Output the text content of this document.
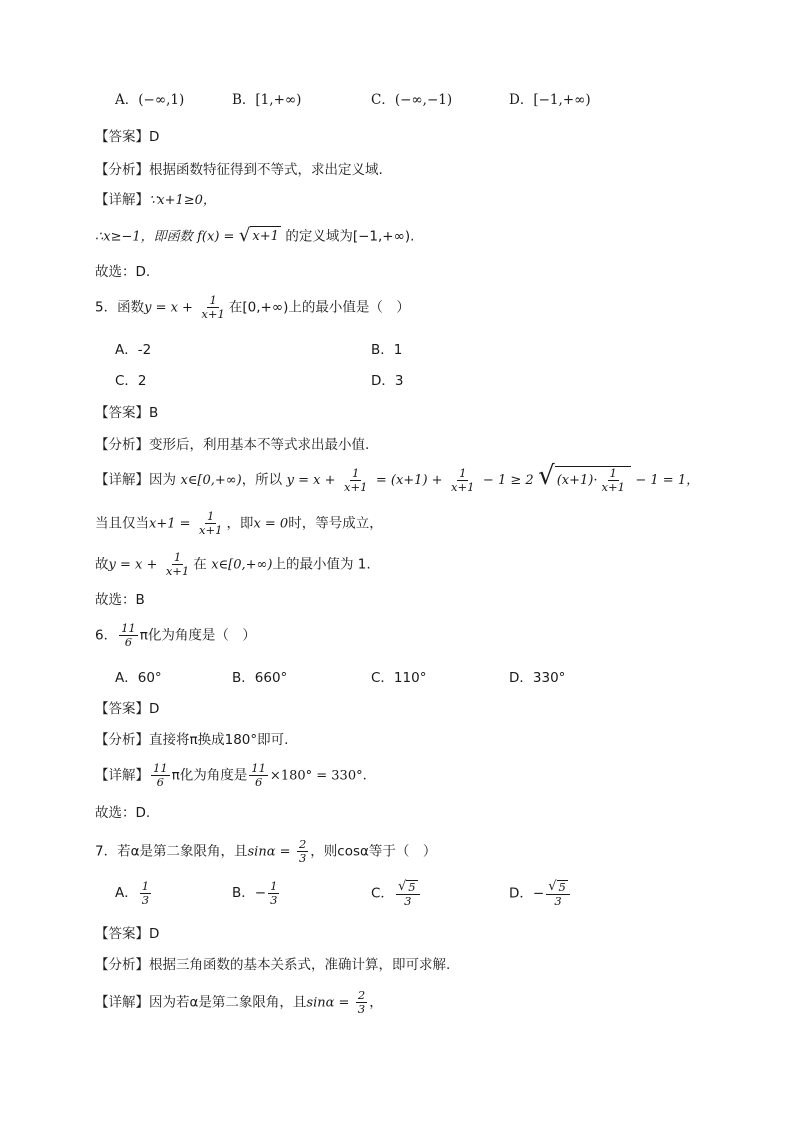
A．(−∞,1)	B．[1,+∞)	C．(−∞,−1)	D．[−1,+∞)
【答案】D
【分析】根据函数特征得到不等式，求出定义域.
【详解】∵x+1≥0，
∴x≥−1，即函数 f(x) = √ x+1 的定义域为[−1,+∞).
故选：D.
5．函数$y = x + \frac{1}{x+1}$ 在[0,+∞)上的最小值是（　）
A．-2	B．1
C．2	D．3
【答案】B
【分析】变形后，利用基本不等式求出最小值.
【详解】因为 x∈[0,+∞)，所以 $y = x + \frac{1}{x+1} = (x+1) + \frac{1}{x+1} - 1 \ge 2$ √ $(x+1)\cdot \frac{1}{x+1} - 1 = 1$，
当且仅当$x+1 = \frac{1}{x+1}$ ，即x = 0时，等号成立，
故$y = x + \frac{1}{x+1}$ 在 x∈[0,+∞)上的最小值为 1.
故选：B
6． $\frac{11}{6}$ π化为角度是（　）
A．60°	B．660°	C．110°	D．330°
【答案】D
【分析】直接将π换成180°即可.
【详解】 $\frac{11}{6}$ π化为角度是 $\frac{11}{6} \times 180^\circ = 330^\circ$.
故选：D.
7．若α是第二象限角，且$\sin\alpha = \frac{2}{3}$ ，则cosα等于（　）
A． $\frac{1}{3}$	B．− $\frac{1}{3}$	C． $\frac{√ 5}{3}$	D．− $\frac{√ 5}{3}$
【答案】D
【分析】根据三角函数的基本关系式，准确计算，即可求解.
【详解】因为若α是第二象限角，且$\sin\alpha = \frac{2}{3}$ ，
